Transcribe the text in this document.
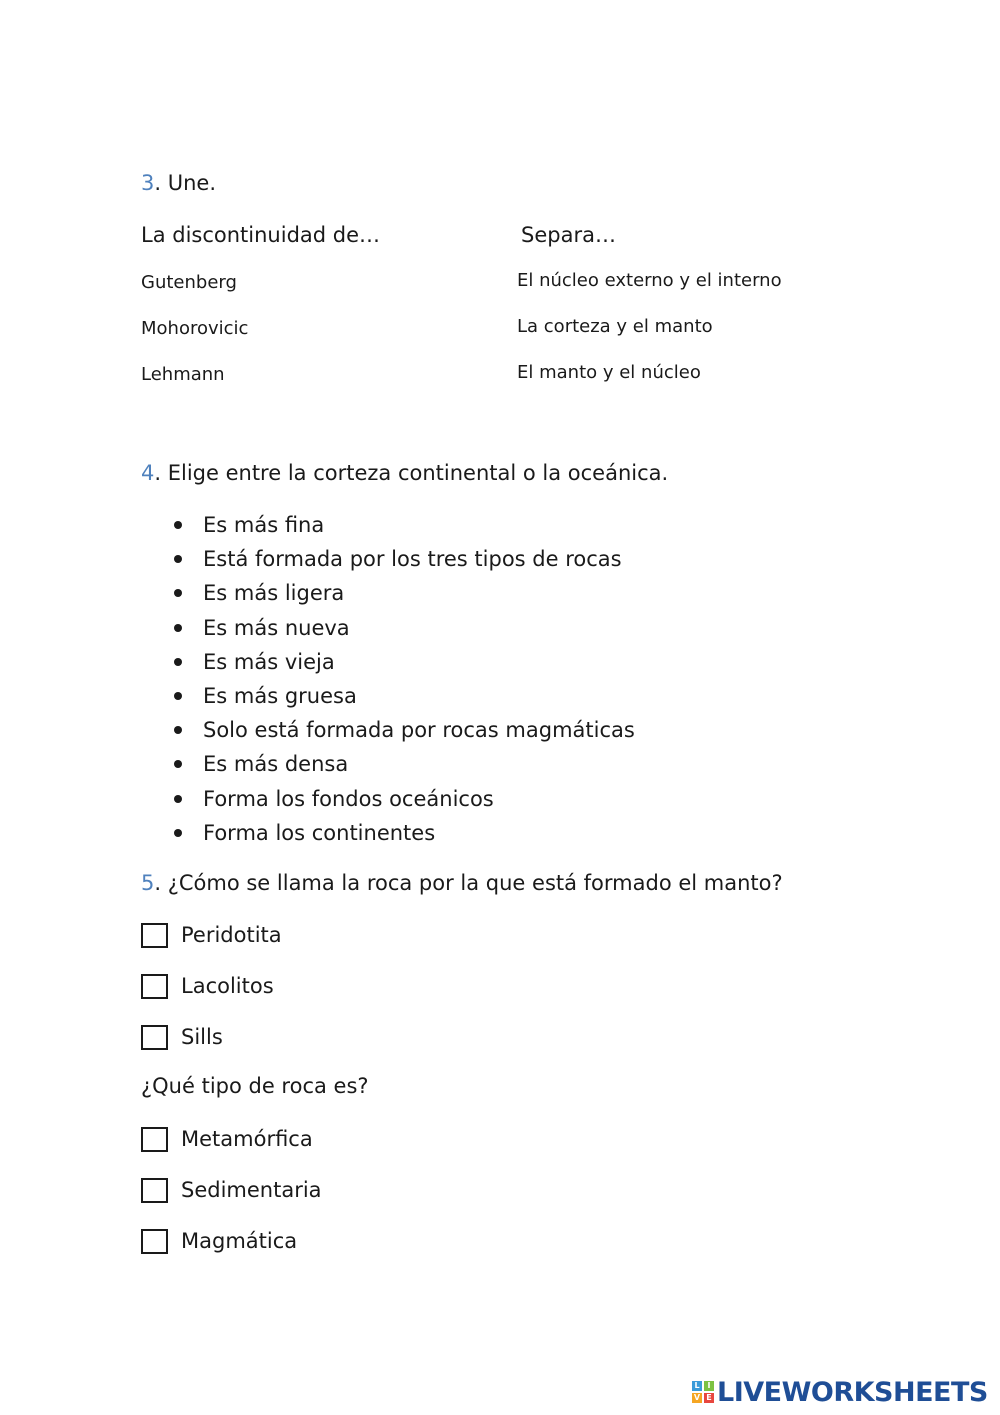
3. Une.
La discontinuidad de…	Separa…
Gutenberg
Mohorovicic
Lehmann
El núcleo externo y el interno
La corteza y el manto
El manto y el núcleo
4. Elige entre la corteza continental o la oceánica.
Es más fina
Está formada por los tres tipos de rocas
Es más ligera
Es más nueva
Es más vieja
Es más gruesa
Solo está formada por rocas magmáticas
Es más densa
Forma los fondos oceánicos
Forma los continentes
5. ¿Cómo se llama la roca por la que está formado el manto?
Peridotita
Lacolitos
Sills
¿Qué tipo de roca es?
Metamórfica
Sedimentaria
Magmática
L I
V E LIVEWORKSHEETS
